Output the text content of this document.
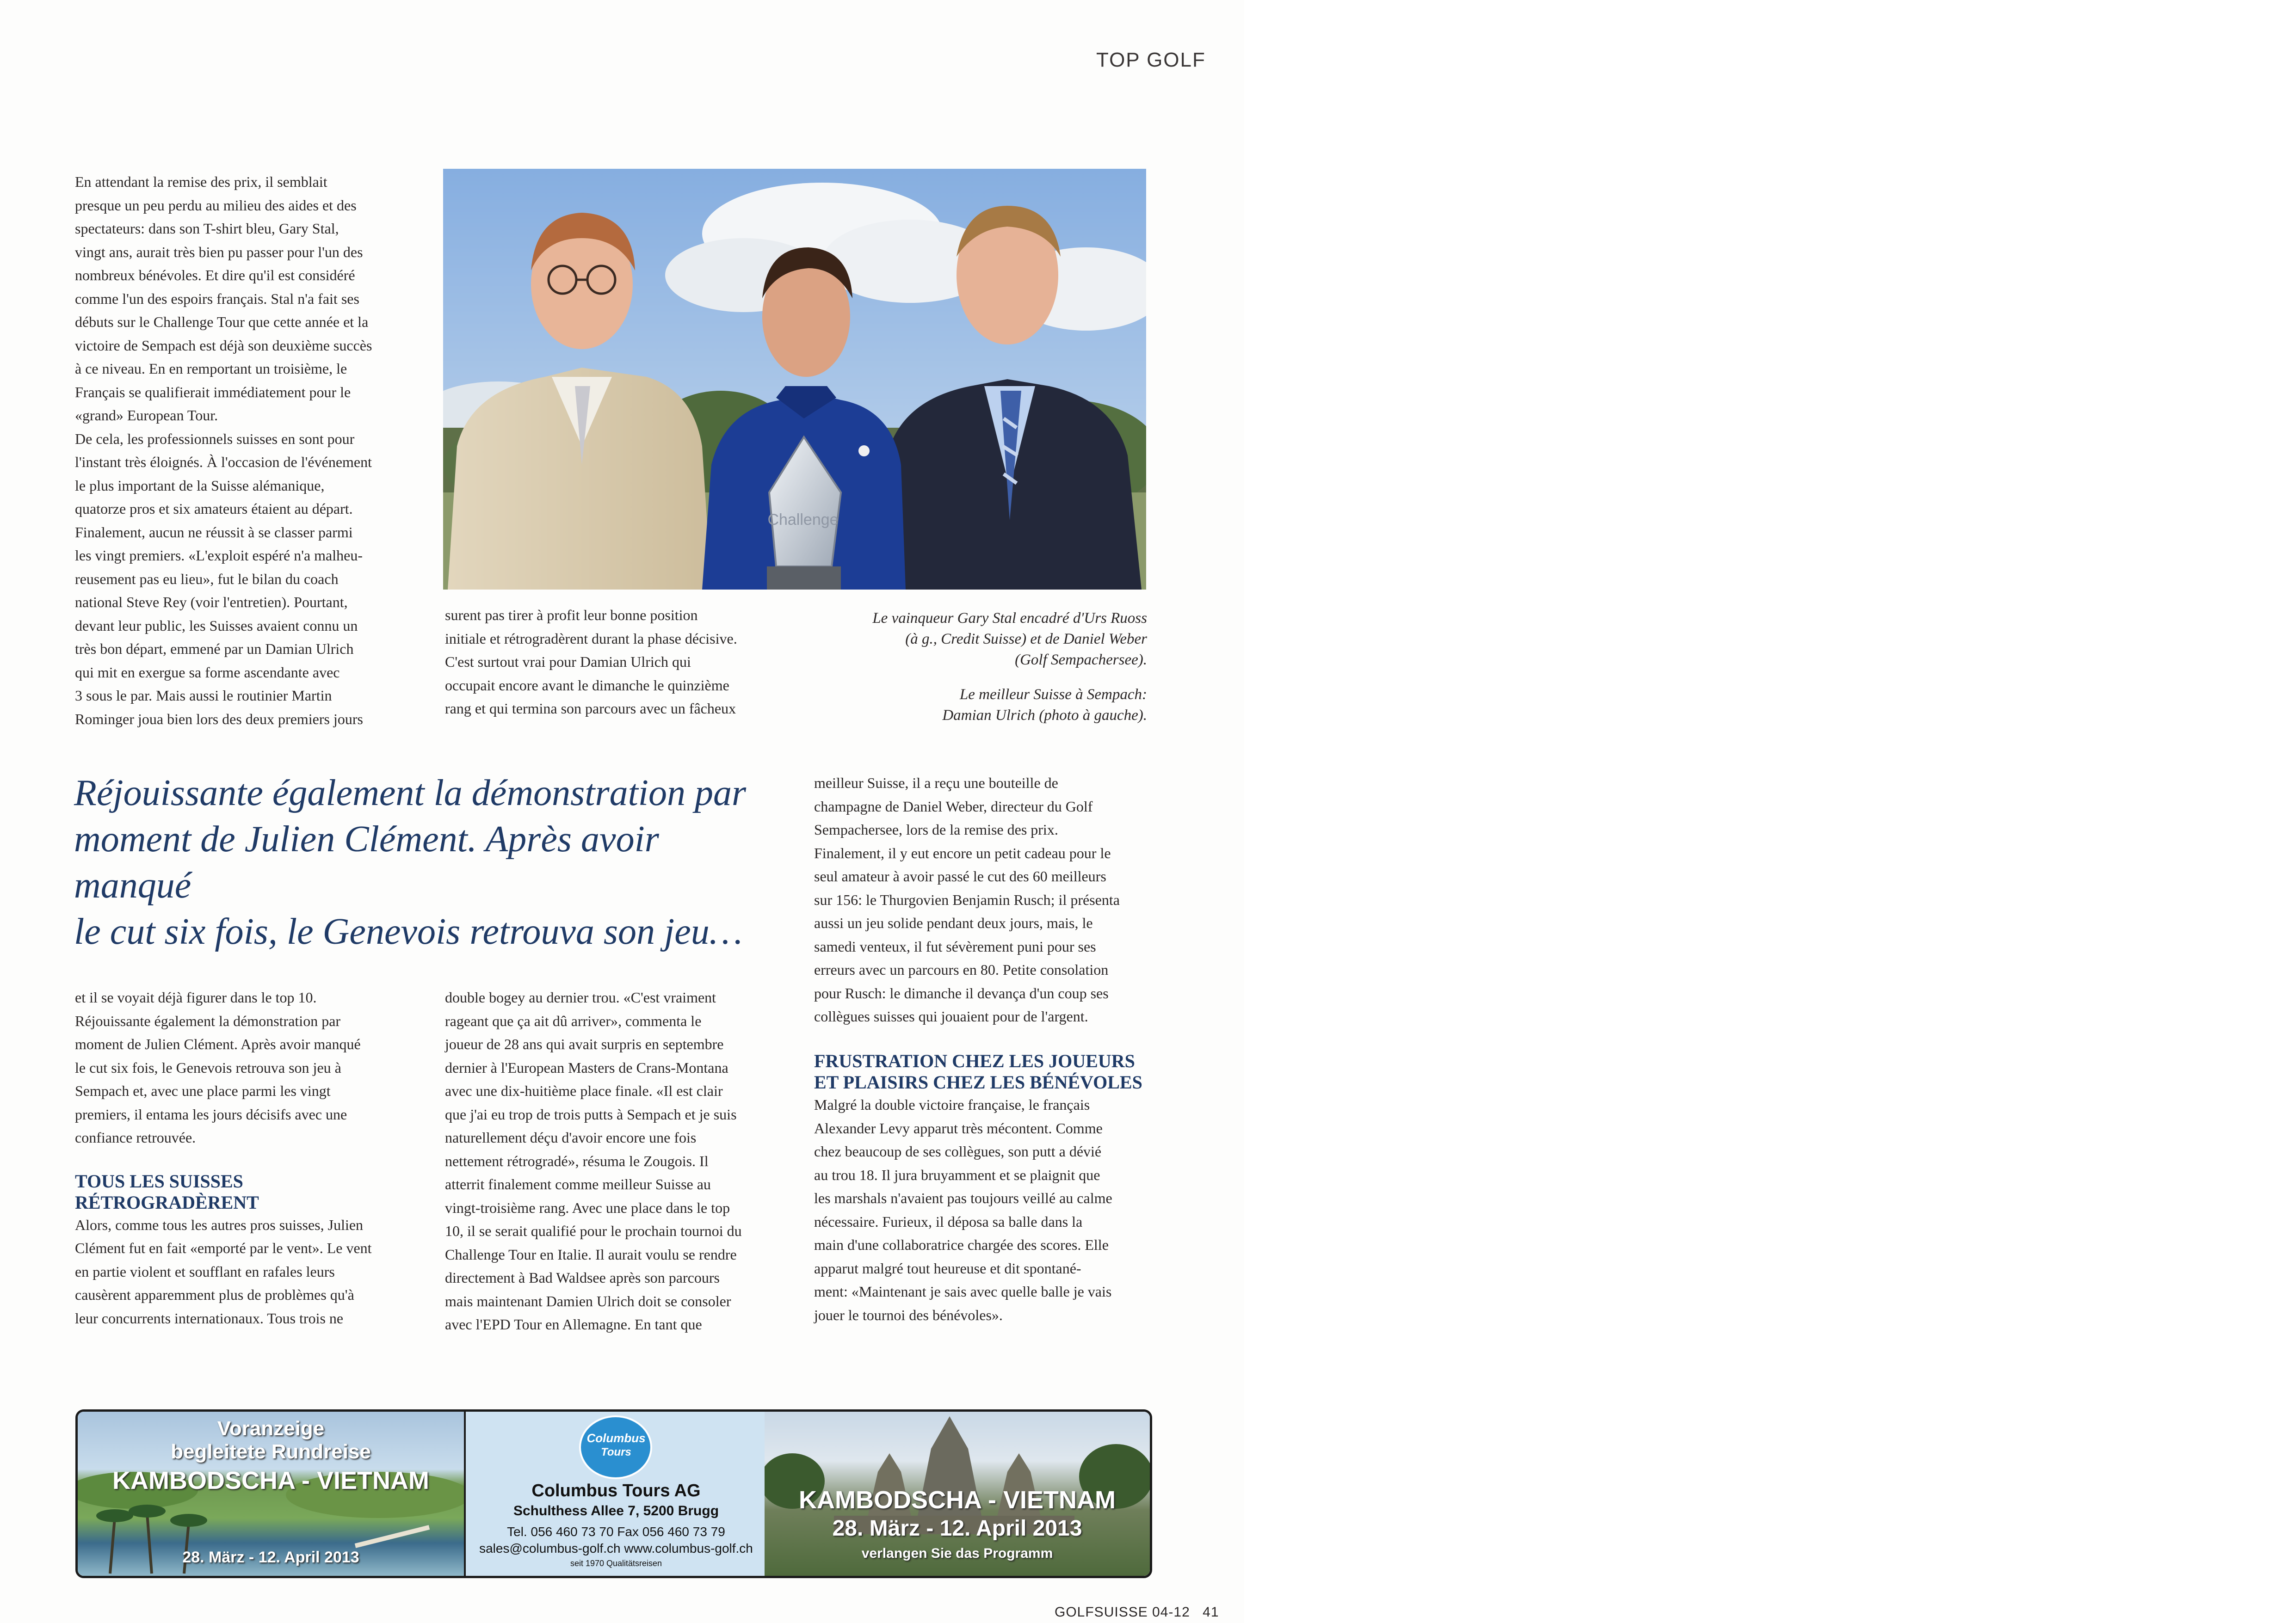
TOP GOLF
En attendant la remise des prix, il semblait
presque un peu perdu au milieu des aides et des
spectateurs: dans son T-shirt bleu, Gary Stal,
vingt ans, aurait très bien pu passer pour l'un des
nombreux bénévoles. Et dire qu'il est considéré
comme l'un des espoirs français. Stal n'a fait ses
débuts sur le Challenge Tour que cette année et la
victoire de Sempach est déjà son deuxième succès
à ce niveau. En en remportant un troisième, le
Français se qualifierait immédiatement pour le
«grand» European Tour.
De cela, les professionnels suisses en sont pour
l'instant très éloignés. À l'occasion de l'événement
le plus important de la Suisse alémanique,
quatorze pros et six amateurs étaient au départ.
Finalement, aucun ne réussit à se classer parmi
les vingt premiers. «L'exploit espéré n'a malheu-
reusement pas eu lieu», fut le bilan du coach
national Steve Rey (voir l'entretien). Pourtant,
devant leur public, les Suisses avaient connu un
très bon départ, emmené par un Damian Ulrich
qui mit en exergue sa forme ascendante avec
3 sous le par. Mais aussi le routinier Martin
Rominger joua bien lors des deux premiers jours
Challenge
surent pas tirer à profit leur bonne position
initiale et rétrogradèrent durant la phase décisive.
C'est surtout vrai pour Damian Ulrich qui
occupait encore avant le dimanche le quinzième
rang et qui termina son parcours avec un fâcheux
Le vainqueur Gary Stal encadré d'Urs Ruoss
(à g., Credit Suisse) et de Daniel Weber
(Golf Sempachersee).
Le meilleur Suisse à Sempach:
Damian Ulrich (photo à gauche).
Réjouissante également la démonstration par
moment de Julien Clément. Après avoir manqué
le cut six fois, le Genevois retrouva son jeu…
meilleur Suisse, il a reçu une bouteille de
champagne de Daniel Weber, directeur du Golf
Sempachersee, lors de la remise des prix.
Finalement, il y eut encore un petit cadeau pour le
seul amateur à avoir passé le cut des 60 meilleurs
sur 156: le Thurgovien Benjamin Rusch; il présenta
aussi un jeu solide pendant deux jours, mais, le
samedi venteux, il fut sévèrement puni pour ses
erreurs avec un parcours en 80. Petite consolation
pour Rusch: le dimanche il devança d'un coup ses
collègues suisses qui jouaient pour de l'argent.
FRUSTRATION CHEZ LES JOUEURS
ET PLAISIRS CHEZ LES BÉNÉVOLES
Malgré la double victoire française, le français
Alexander Levy apparut très mécontent. Comme
chez beaucoup de ses collègues, son putt a dévié
au trou 18. Il jura bruyamment et se plaignit que
les marshals n'avaient pas toujours veillé au calme
nécessaire. Furieux, il déposa sa balle dans la
main d'une collaboratrice chargée des scores. Elle
apparut malgré tout heureuse et dit spontané-
ment: «Maintenant je sais avec quelle balle je vais
jouer le tournoi des bénévoles».
et il se voyait déjà figurer dans le top 10.
Réjouissante également la démonstration par
moment de Julien Clément. Après avoir manqué
le cut six fois, le Genevois retrouva son jeu à
Sempach et, avec une place parmi les vingt
premiers, il entama les jours décisifs avec une
confiance retrouvée.
TOUS LES SUISSES
RÉTROGRADÈRENT
Alors, comme tous les autres pros suisses, Julien
Clément fut en fait «emporté par le vent». Le vent
en partie violent et soufflant en rafales leurs
causèrent apparemment plus de problèmes qu'à
leur concurrents internationaux. Tous trois ne
double bogey au dernier trou. «C'est vraiment
rageant que ça ait dû arriver», commenta le
joueur de 28 ans qui avait surpris en septembre
dernier à l'European Masters de Crans-Montana
avec une dix-huitième place finale. «Il est clair
que j'ai eu trop de trois putts à Sempach et je suis
naturellement déçu d'avoir encore une fois
nettement rétrogradé», résuma le Zougois. Il
atterrit finalement comme meilleur Suisse au
vingt-troisième rang. Avec une place dans le top
10, il se serait qualifié pour le prochain tournoi du
Challenge Tour en Italie. Il aurait voulu se rendre
directement à Bad Waldsee après son parcours
mais maintenant Damien Ulrich doit se consoler
avec l'EPD Tour en Allemagne. En tant que
Voranzeige
begleitete Rundreise
KAMBODSCHA - VIETNAM
28. März - 12. April 2013
Columbus
Tours
Columbus Tours AG
Schulthess Allee 7, 5200 Brugg
Tel. 056 460 73 70 Fax 056 460 73 79
sales@columbus-golf.ch www.columbus-golf.ch
seit 1970 Qualitätsreisen
KAMBODSCHA - VIETNAM
28. März - 12. April 2013
verlangen Sie das Programm
GOLFSUISSE 04-12 41
